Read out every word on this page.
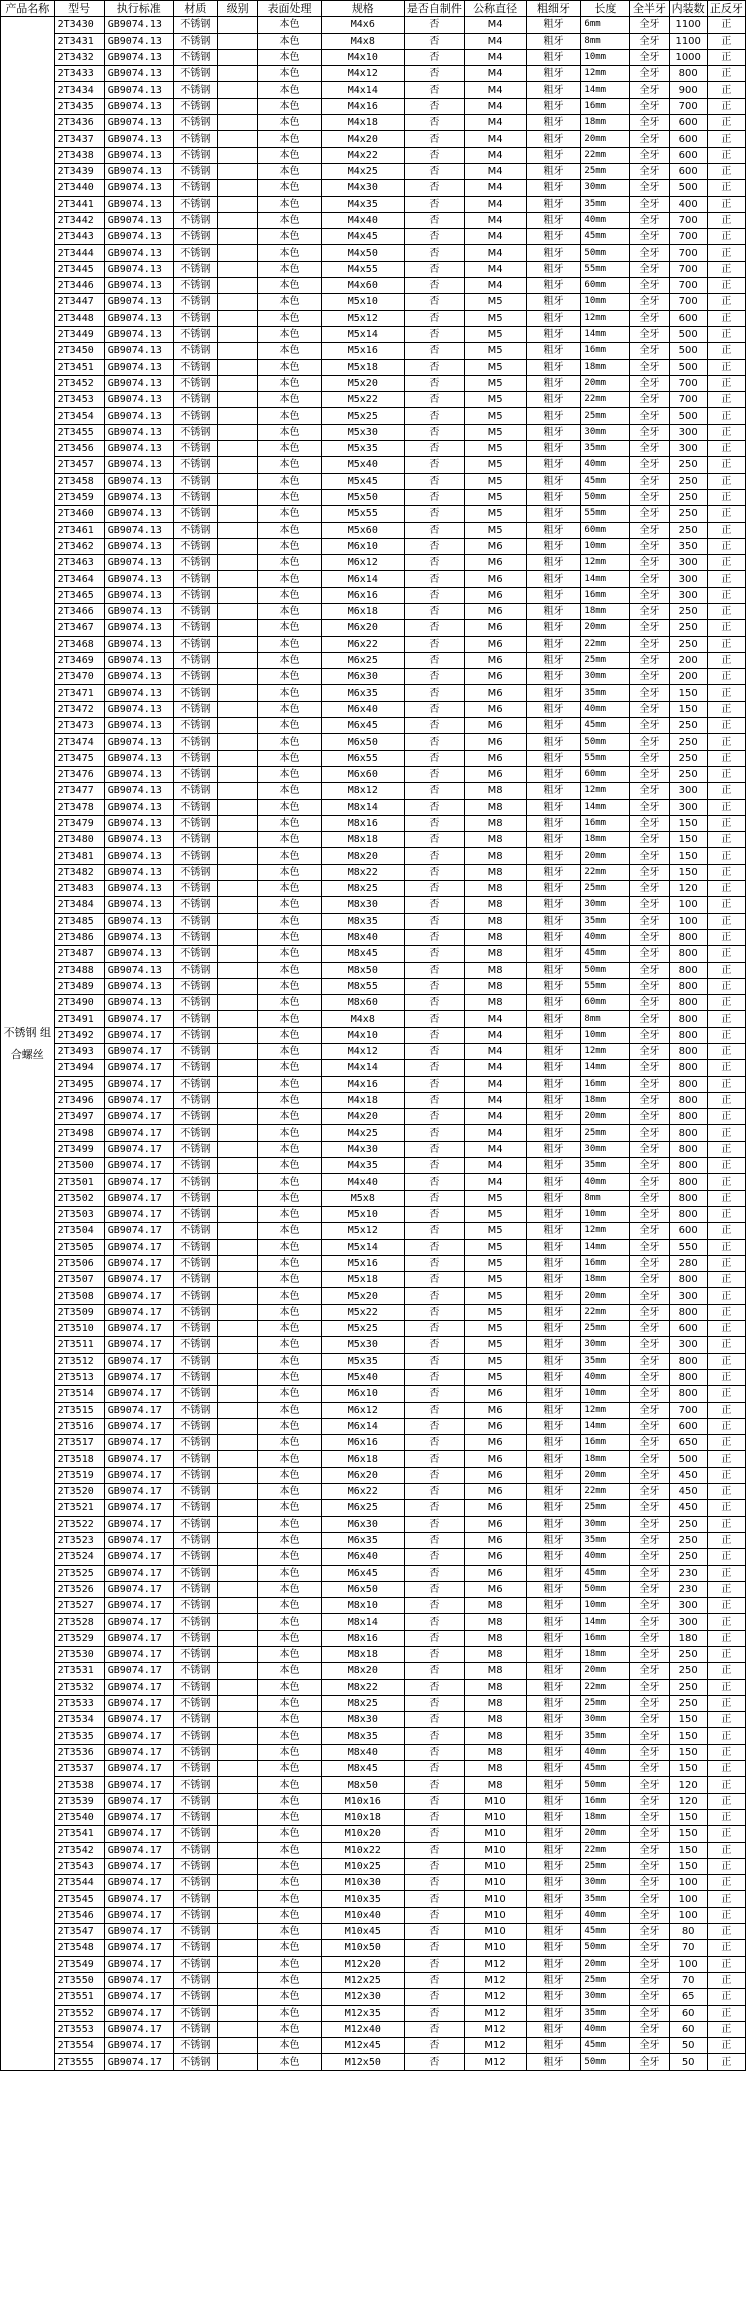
产品名称	型号	执行标准	材质	级别	表面处理	规格	是否自制件	公称直径	粗细牙	长度	全半牙	内装数	正反牙
不锈钢 组合螺丝	2T3430	GB9074.13	不锈钢		本色	M4x6	否	M4	粗牙	6mm	全牙	1100	正
	2T3431	GB9074.13	不锈钢		本色	M4x8	否	M4	粗牙	8mm	全牙	1100	正
	2T3432	GB9074.13	不锈钢		本色	M4x10	否	M4	粗牙	10mm	全牙	1000	正
	2T3433	GB9074.13	不锈钢		本色	M4x12	否	M4	粗牙	12mm	全牙	800	正
	2T3434	GB9074.13	不锈钢		本色	M4x14	否	M4	粗牙	14mm	全牙	900	正
	2T3435	GB9074.13	不锈钢		本色	M4x16	否	M4	粗牙	16mm	全牙	700	正
	2T3436	GB9074.13	不锈钢		本色	M4x18	否	M4	粗牙	18mm	全牙	600	正
	2T3437	GB9074.13	不锈钢		本色	M4x20	否	M4	粗牙	20mm	全牙	600	正
	2T3438	GB9074.13	不锈钢		本色	M4x22	否	M4	粗牙	22mm	全牙	600	正
	2T3439	GB9074.13	不锈钢		本色	M4x25	否	M4	粗牙	25mm	全牙	600	正
	2T3440	GB9074.13	不锈钢		本色	M4x30	否	M4	粗牙	30mm	全牙	500	正
	2T3441	GB9074.13	不锈钢		本色	M4x35	否	M4	粗牙	35mm	全牙	400	正
	2T3442	GB9074.13	不锈钢		本色	M4x40	否	M4	粗牙	40mm	全牙	700	正
	2T3443	GB9074.13	不锈钢		本色	M4x45	否	M4	粗牙	45mm	全牙	700	正
	2T3444	GB9074.13	不锈钢		本色	M4x50	否	M4	粗牙	50mm	全牙	700	正
	2T3445	GB9074.13	不锈钢		本色	M4x55	否	M4	粗牙	55mm	全牙	700	正
	2T3446	GB9074.13	不锈钢		本色	M4x60	否	M4	粗牙	60mm	全牙	700	正
	2T3447	GB9074.13	不锈钢		本色	M5x10	否	M5	粗牙	10mm	全牙	700	正
	2T3448	GB9074.13	不锈钢		本色	M5x12	否	M5	粗牙	12mm	全牙	600	正
	2T3449	GB9074.13	不锈钢		本色	M5x14	否	M5	粗牙	14mm	全牙	500	正
	2T3450	GB9074.13	不锈钢		本色	M5x16	否	M5	粗牙	16mm	全牙	500	正
	2T3451	GB9074.13	不锈钢		本色	M5x18	否	M5	粗牙	18mm	全牙	500	正
	2T3452	GB9074.13	不锈钢		本色	M5x20	否	M5	粗牙	20mm	全牙	700	正
	2T3453	GB9074.13	不锈钢		本色	M5x22	否	M5	粗牙	22mm	全牙	700	正
	2T3454	GB9074.13	不锈钢		本色	M5x25	否	M5	粗牙	25mm	全牙	500	正
	2T3455	GB9074.13	不锈钢		本色	M5x30	否	M5	粗牙	30mm	全牙	300	正
	2T3456	GB9074.13	不锈钢		本色	M5x35	否	M5	粗牙	35mm	全牙	300	正
	2T3457	GB9074.13	不锈钢		本色	M5x40	否	M5	粗牙	40mm	全牙	250	正
	2T3458	GB9074.13	不锈钢		本色	M5x45	否	M5	粗牙	45mm	全牙	250	正
	2T3459	GB9074.13	不锈钢		本色	M5x50	否	M5	粗牙	50mm	全牙	250	正
	2T3460	GB9074.13	不锈钢		本色	M5x55	否	M5	粗牙	55mm	全牙	250	正
	2T3461	GB9074.13	不锈钢		本色	M5x60	否	M5	粗牙	60mm	全牙	250	正
	2T3462	GB9074.13	不锈钢		本色	M6x10	否	M6	粗牙	10mm	全牙	350	正
	2T3463	GB9074.13	不锈钢		本色	M6x12	否	M6	粗牙	12mm	全牙	300	正
	2T3464	GB9074.13	不锈钢		本色	M6x14	否	M6	粗牙	14mm	全牙	300	正
	2T3465	GB9074.13	不锈钢		本色	M6x16	否	M6	粗牙	16mm	全牙	300	正
	2T3466	GB9074.13	不锈钢		本色	M6x18	否	M6	粗牙	18mm	全牙	250	正
	2T3467	GB9074.13	不锈钢		本色	M6x20	否	M6	粗牙	20mm	全牙	250	正
	2T3468	GB9074.13	不锈钢		本色	M6x22	否	M6	粗牙	22mm	全牙	250	正
	2T3469	GB9074.13	不锈钢		本色	M6x25	否	M6	粗牙	25mm	全牙	200	正
	2T3470	GB9074.13	不锈钢		本色	M6x30	否	M6	粗牙	30mm	全牙	200	正
	2T3471	GB9074.13	不锈钢		本色	M6x35	否	M6	粗牙	35mm	全牙	150	正
	2T3472	GB9074.13	不锈钢		本色	M6x40	否	M6	粗牙	40mm	全牙	150	正
	2T3473	GB9074.13	不锈钢		本色	M6x45	否	M6	粗牙	45mm	全牙	250	正
	2T3474	GB9074.13	不锈钢		本色	M6x50	否	M6	粗牙	50mm	全牙	250	正
	2T3475	GB9074.13	不锈钢		本色	M6x55	否	M6	粗牙	55mm	全牙	250	正
	2T3476	GB9074.13	不锈钢		本色	M6x60	否	M6	粗牙	60mm	全牙	250	正
	2T3477	GB9074.13	不锈钢		本色	M8x12	否	M8	粗牙	12mm	全牙	300	正
	2T3478	GB9074.13	不锈钢		本色	M8x14	否	M8	粗牙	14mm	全牙	300	正
	2T3479	GB9074.13	不锈钢		本色	M8x16	否	M8	粗牙	16mm	全牙	150	正
	2T3480	GB9074.13	不锈钢		本色	M8x18	否	M8	粗牙	18mm	全牙	150	正
	2T3481	GB9074.13	不锈钢		本色	M8x20	否	M8	粗牙	20mm	全牙	150	正
	2T3482	GB9074.13	不锈钢		本色	M8x22	否	M8	粗牙	22mm	全牙	150	正
	2T3483	GB9074.13	不锈钢		本色	M8x25	否	M8	粗牙	25mm	全牙	120	正
	2T3484	GB9074.13	不锈钢		本色	M8x30	否	M8	粗牙	30mm	全牙	100	正
	2T3485	GB9074.13	不锈钢		本色	M8x35	否	M8	粗牙	35mm	全牙	100	正
	2T3486	GB9074.13	不锈钢		本色	M8x40	否	M8	粗牙	40mm	全牙	800	正
	2T3487	GB9074.13	不锈钢		本色	M8x45	否	M8	粗牙	45mm	全牙	800	正
	2T3488	GB9074.13	不锈钢		本色	M8x50	否	M8	粗牙	50mm	全牙	800	正
	2T3489	GB9074.13	不锈钢		本色	M8x55	否	M8	粗牙	55mm	全牙	800	正
	2T3490	GB9074.13	不锈钢		本色	M8x60	否	M8	粗牙	60mm	全牙	800	正
	2T3491	GB9074.17	不锈钢		本色	M4x8	否	M4	粗牙	8mm	全牙	800	正
	2T3492	GB9074.17	不锈钢		本色	M4x10	否	M4	粗牙	10mm	全牙	800	正
	2T3493	GB9074.17	不锈钢		本色	M4x12	否	M4	粗牙	12mm	全牙	800	正
	2T3494	GB9074.17	不锈钢		本色	M4x14	否	M4	粗牙	14mm	全牙	800	正
	2T3495	GB9074.17	不锈钢		本色	M4x16	否	M4	粗牙	16mm	全牙	800	正
	2T3496	GB9074.17	不锈钢		本色	M4x18	否	M4	粗牙	18mm	全牙	800	正
	2T3497	GB9074.17	不锈钢		本色	M4x20	否	M4	粗牙	20mm	全牙	800	正
	2T3498	GB9074.17	不锈钢		本色	M4x25	否	M4	粗牙	25mm	全牙	800	正
	2T3499	GB9074.17	不锈钢		本色	M4x30	否	M4	粗牙	30mm	全牙	800	正
	2T3500	GB9074.17	不锈钢		本色	M4x35	否	M4	粗牙	35mm	全牙	800	正
	2T3501	GB9074.17	不锈钢		本色	M4x40	否	M4	粗牙	40mm	全牙	800	正
	2T3502	GB9074.17	不锈钢		本色	M5x8	否	M5	粗牙	8mm	全牙	800	正
	2T3503	GB9074.17	不锈钢		本色	M5x10	否	M5	粗牙	10mm	全牙	800	正
	2T3504	GB9074.17	不锈钢		本色	M5x12	否	M5	粗牙	12mm	全牙	600	正
	2T3505	GB9074.17	不锈钢		本色	M5x14	否	M5	粗牙	14mm	全牙	550	正
	2T3506	GB9074.17	不锈钢		本色	M5x16	否	M5	粗牙	16mm	全牙	280	正
	2T3507	GB9074.17	不锈钢		本色	M5x18	否	M5	粗牙	18mm	全牙	800	正
	2T3508	GB9074.17	不锈钢		本色	M5x20	否	M5	粗牙	20mm	全牙	300	正
	2T3509	GB9074.17	不锈钢		本色	M5x22	否	M5	粗牙	22mm	全牙	800	正
	2T3510	GB9074.17	不锈钢		本色	M5x25	否	M5	粗牙	25mm	全牙	600	正
	2T3511	GB9074.17	不锈钢		本色	M5x30	否	M5	粗牙	30mm	全牙	300	正
	2T3512	GB9074.17	不锈钢		本色	M5x35	否	M5	粗牙	35mm	全牙	800	正
	2T3513	GB9074.17	不锈钢		本色	M5x40	否	M5	粗牙	40mm	全牙	800	正
	2T3514	GB9074.17	不锈钢		本色	M6x10	否	M6	粗牙	10mm	全牙	800	正
	2T3515	GB9074.17	不锈钢		本色	M6x12	否	M6	粗牙	12mm	全牙	700	正
	2T3516	GB9074.17	不锈钢		本色	M6x14	否	M6	粗牙	14mm	全牙	600	正
	2T3517	GB9074.17	不锈钢		本色	M6x16	否	M6	粗牙	16mm	全牙	650	正
	2T3518	GB9074.17	不锈钢		本色	M6x18	否	M6	粗牙	18mm	全牙	500	正
	2T3519	GB9074.17	不锈钢		本色	M6x20	否	M6	粗牙	20mm	全牙	450	正
	2T3520	GB9074.17	不锈钢		本色	M6x22	否	M6	粗牙	22mm	全牙	450	正
	2T3521	GB9074.17	不锈钢		本色	M6x25	否	M6	粗牙	25mm	全牙	450	正
	2T3522	GB9074.17	不锈钢		本色	M6x30	否	M6	粗牙	30mm	全牙	250	正
	2T3523	GB9074.17	不锈钢		本色	M6x35	否	M6	粗牙	35mm	全牙	250	正
	2T3524	GB9074.17	不锈钢		本色	M6x40	否	M6	粗牙	40mm	全牙	250	正
	2T3525	GB9074.17	不锈钢		本色	M6x45	否	M6	粗牙	45mm	全牙	230	正
	2T3526	GB9074.17	不锈钢		本色	M6x50	否	M6	粗牙	50mm	全牙	230	正
	2T3527	GB9074.17	不锈钢		本色	M8x10	否	M8	粗牙	10mm	全牙	300	正
	2T3528	GB9074.17	不锈钢		本色	M8x14	否	M8	粗牙	14mm	全牙	300	正
	2T3529	GB9074.17	不锈钢		本色	M8x16	否	M8	粗牙	16mm	全牙	180	正
	2T3530	GB9074.17	不锈钢		本色	M8x18	否	M8	粗牙	18mm	全牙	250	正
	2T3531	GB9074.17	不锈钢		本色	M8x20	否	M8	粗牙	20mm	全牙	250	正
	2T3532	GB9074.17	不锈钢		本色	M8x22	否	M8	粗牙	22mm	全牙	250	正
	2T3533	GB9074.17	不锈钢		本色	M8x25	否	M8	粗牙	25mm	全牙	250	正
	2T3534	GB9074.17	不锈钢		本色	M8x30	否	M8	粗牙	30mm	全牙	150	正
	2T3535	GB9074.17	不锈钢		本色	M8x35	否	M8	粗牙	35mm	全牙	150	正
	2T3536	GB9074.17	不锈钢		本色	M8x40	否	M8	粗牙	40mm	全牙	150	正
	2T3537	GB9074.17	不锈钢		本色	M8x45	否	M8	粗牙	45mm	全牙	150	正
	2T3538	GB9074.17	不锈钢		本色	M8x50	否	M8	粗牙	50mm	全牙	120	正
	2T3539	GB9074.17	不锈钢		本色	M10x16	否	M10	粗牙	16mm	全牙	120	正
	2T3540	GB9074.17	不锈钢		本色	M10x18	否	M10	粗牙	18mm	全牙	150	正
	2T3541	GB9074.17	不锈钢		本色	M10x20	否	M10	粗牙	20mm	全牙	150	正
	2T3542	GB9074.17	不锈钢		本色	M10x22	否	M10	粗牙	22mm	全牙	150	正
	2T3543	GB9074.17	不锈钢		本色	M10x25	否	M10	粗牙	25mm	全牙	150	正
	2T3544	GB9074.17	不锈钢		本色	M10x30	否	M10	粗牙	30mm	全牙	100	正
	2T3545	GB9074.17	不锈钢		本色	M10x35	否	M10	粗牙	35mm	全牙	100	正
	2T3546	GB9074.17	不锈钢		本色	M10x40	否	M10	粗牙	40mm	全牙	100	正
	2T3547	GB9074.17	不锈钢		本色	M10x45	否	M10	粗牙	45mm	全牙	80	正
	2T3548	GB9074.17	不锈钢		本色	M10x50	否	M10	粗牙	50mm	全牙	70	正
	2T3549	GB9074.17	不锈钢		本色	M12x20	否	M12	粗牙	20mm	全牙	100	正
	2T3550	GB9074.17	不锈钢		本色	M12x25	否	M12	粗牙	25mm	全牙	70	正
	2T3551	GB9074.17	不锈钢		本色	M12x30	否	M12	粗牙	30mm	全牙	65	正
	2T3552	GB9074.17	不锈钢		本色	M12x35	否	M12	粗牙	35mm	全牙	60	正
	2T3553	GB9074.17	不锈钢		本色	M12x40	否	M12	粗牙	40mm	全牙	60	正
	2T3554	GB9074.17	不锈钢		本色	M12x45	否	M12	粗牙	45mm	全牙	50	正
	2T3555	GB9074.17	不锈钢		本色	M12x50	否	M12	粗牙	50mm	全牙	50	正
